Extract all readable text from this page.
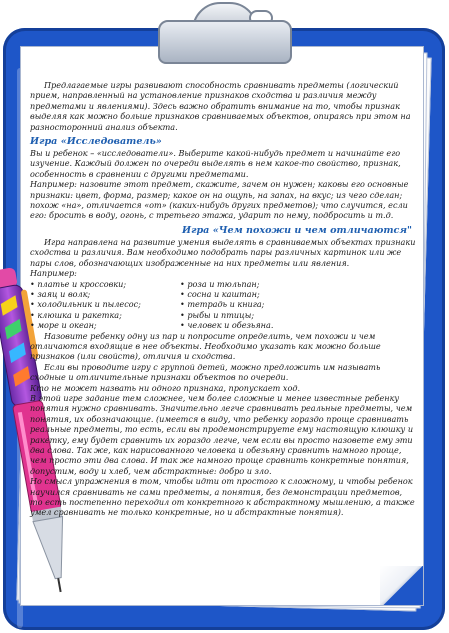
Предлагаемые игры развивают способность сравнивать предметы (логический прием, направленный на установление признаков сходства и различия между предметами и явлениями). Здесь важно обратить внимание на то, чтобы признак выделяя как можно больше признаков сравниваемых объектов, опираясь при этом на разносторонний анализ объекта.

Игра «Исследователь»

Вы и ребенок – «исследователи». Выберите какой-нибудь предмет и начинайте его изучение. Каждый должен по очереди выделять в нем какое-то свойство, признак, особенность в сравнении с другими предметами.

Например: назовите этот предмет, скажите, зачем он нужен; каковы его основные признаки: цвет, форма, размер; какое он на ощупь, на запах, на вкус; из чего сделан; похож «на», отличается «от» (каких-нибудь других предметов); что случится, если его: бросить в воду, огонь, с третьего этажа, ударит по нему, подбросить и т.д.

Игра «Чем похожи и чем отличаются"

Игра направлена на развитие умения выделять в сравниваемых объектах признаки сходства и различия. Вам необходимо подобрать пары различных картинок или же пары слов, обозначающих изображенные на них предметы или явления.

Например:

• платье и кроссовки;

• заяц и волк;

• холодильник и пылесос;

• клюшка и ракетка;

• море и океан;

• роза и тюльпан;

• сосна и каштан;

• тетрадь и книга;

• рыбы и птицы;

• человек и обезьяна.

Назовите ребенку одну из пар и попросите определить, чем похожи и чем отличаются входящие в нее объекты. Необходимо указать как можно больше признаков (или свойств), отличия и сходства.

Если вы проводите игру с группой детей, можно предложить им называть сходные и отличительные признаки объектов по очереди.

Кто не может назвать ни одного признака, пропускает ход.

В этой игре задание тем сложнее, чем более сложные и менее известные ребенку понятия нужно сравнивать. Значительно легче сравнивать реальные предметы, чем понятия, их обозначающие. (имеется в виду, что ребенку гораздо проще сравнивать реальные предметы, то есть, если вы продемонстрируете ему настоящую клюшку и ракетку, ему будет сравнить их гораздо легче, чем если вы просто назовете ему эти два слова. Так же, как нарисованного человека и обезьяну сравнить намного проще, чем просто эти два слова. И так же намного проще сравнить конкретные понятия, допустим, воду и хлеб, чем абстрактные: добро и зло.

Но смысл упражнения в том, чтобы идти от простого к сложному, и чтобы ребенок научился сравнивать не сами предметы, а понятия, без демонстрации предметов, то есть постепенно переходил от конкретного к абстрактному мышлению, а также умел сравнивать не только конкретные, но и абстрактные понятия).
